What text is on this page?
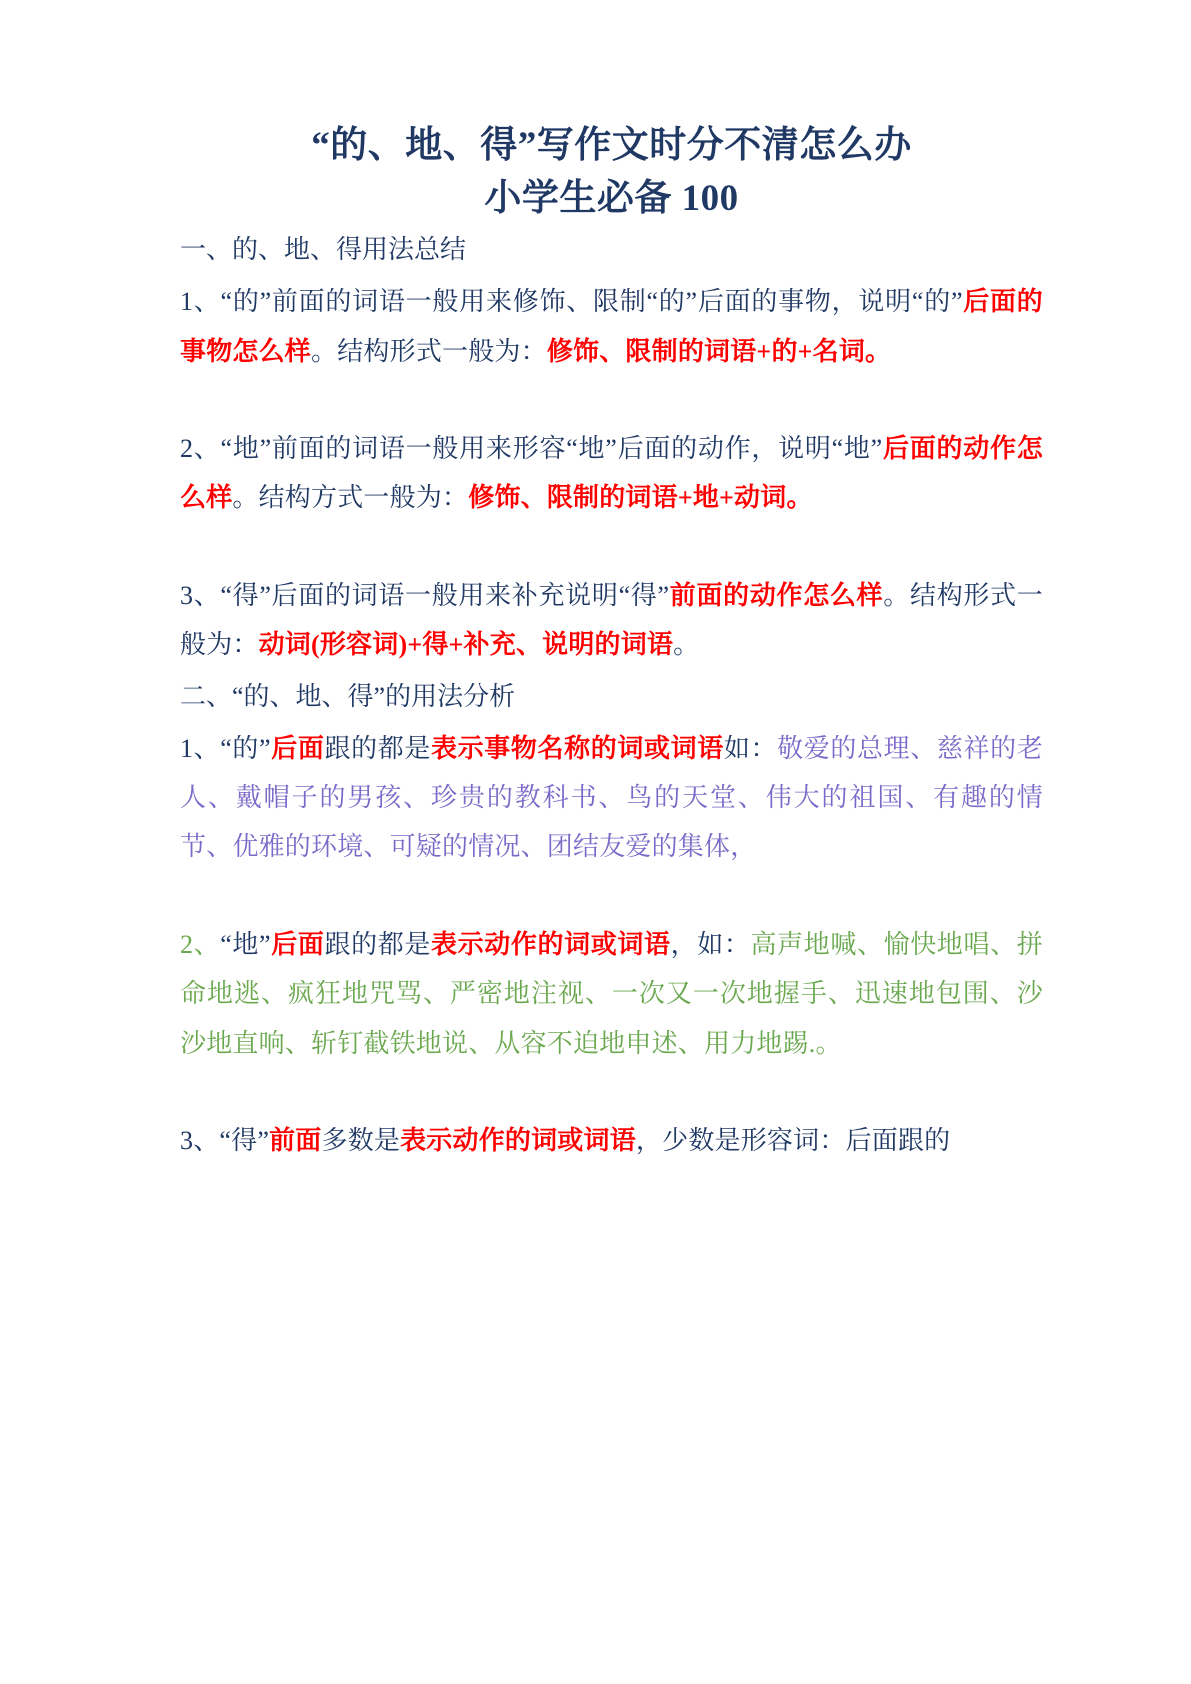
“的、地、得”写作文时分不清怎么办
小学生必备 100

一、的、地、得用法总结

1、“的”前面的词语一般用来修饰、限制“的”后面的事物，说明“的”后面的事物怎么样。结构形式一般为：修饰、限制的词语+的+名词。

2、“地”前面的词语一般用来形容“地”后面的动作，说明“地”后面的动作怎么样。结构方式一般为：修饰、限制的词语+地+动词。

3、“得”后面的词语一般用来补充说明“得”前面的动作怎么样。结构形式一般为：动词(形容词)+得+补充、说明的词语。

二、“的、地、得”的用法分析

1、“的”后面跟的都是表示事物名称的词或词语如：敬爱的总理、慈祥的老人、戴帽子的男孩、珍贵的教科书、鸟的天堂、伟大的祖国、有趣的情节、优雅的环境、可疑的情况、团结友爱的集体，

2、“地”后面跟的都是表示动作的词或词语，如：高声地喊、愉快地唱、拼命地逃、疯狂地咒骂、严密地注视、一次又一次地握手、迅速地包围、沙沙地直响、斩钉截铁地说、从容不迫地申述、用力地踢.。

3、“得”前面多数是表示动作的词或词语，少数是形容词：后面跟的
